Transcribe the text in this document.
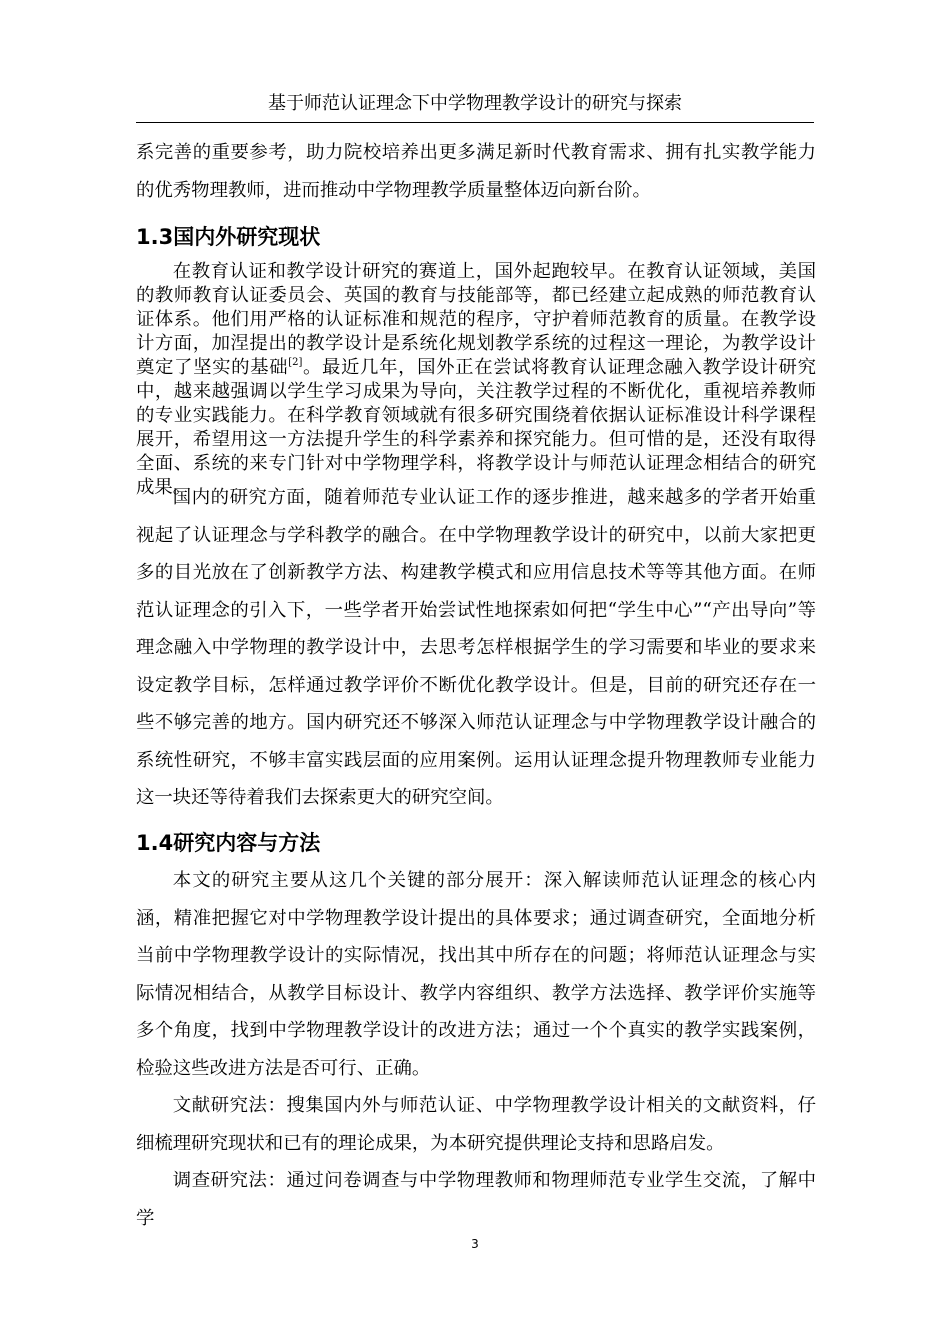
基于师范认证理念下中学物理教学设计的研究与探索

系完善的重要参考，助力院校培养出更多满足新时代教育需求、拥有扎实教学能力的优秀物理教师，进而推动中学物理教学质量整体迈向新台阶。

1.3国内外研究现状

在教育认证和教学设计研究的赛道上，国外起跑较早。在教育认证领域，美国的教师教育认证委员会、英国的教育与技能部等，都已经建立起成熟的师范教育认证体系。他们用严格的认证标准和规范的程序，守护着师范教育的质量。在教学设计方面，加涅提出的教学设计是系统化规划教学系统的过程这一理论，为教学设计奠定了坚实的基础[2]。最近几年，国外正在尝试将教育认证理念融入教学设计研究中，越来越强调以学生学习成果为导向，关注教学过程的不断优化，重视培养教师的专业实践能力。在科学教育领域就有很多研究围绕着依据认证标准设计科学课程展开，希望用这一方法提升学生的科学素养和探究能力。但可惜的是，还没有取得全面、系统的来专门针对中学物理学科，将教学设计与师范认证理念相结合的研究成果。

国内的研究方面，随着师范专业认证工作的逐步推进，越来越多的学者开始重视起了认证理念与学科教学的融合。在中学物理教学设计的研究中，以前大家把更多的目光放在了创新教学方法、构建教学模式和应用信息技术等等其他方面。在师范认证理念的引入下，一些学者开始尝试性地探索如何把“学生中心”“产出导向”等理念融入中学物理的教学设计中，去思考怎样根据学生的学习需要和毕业的要求来设定教学目标，怎样通过教学评价不断优化教学设计。但是，目前的研究还存在一些不够完善的地方。国内研究还不够深入师范认证理念与中学物理教学设计融合的系统性研究，不够丰富实践层面的应用案例。运用认证理念提升物理教师专业能力这一块还等待着我们去探索更大的研究空间。

1.4研究内容与方法

本文的研究主要从这几个关键的部分展开：深入解读师范认证理念的核心内涵，精准把握它对中学物理教学设计提出的具体要求；通过调查研究，全面地分析当前中学物理教学设计的实际情况，找出其中所存在的问题；将师范认证理念与实际情况相结合，从教学目标设计、教学内容组织、教学方法选择、教学评价实施等多个角度，找到中学物理教学设计的改进方法；通过一个个真实的教学实践案例，检验这些改进方法是否可行、正确。

文献研究法：搜集国内外与师范认证、中学物理教学设计相关的文献资料，仔细梳理研究现状和已有的理论成果，为本研究提供理论支持和思路启发。

调查研究法：通过问卷调查与中学物理教师和物理师范专业学生交流，了解中学

3
